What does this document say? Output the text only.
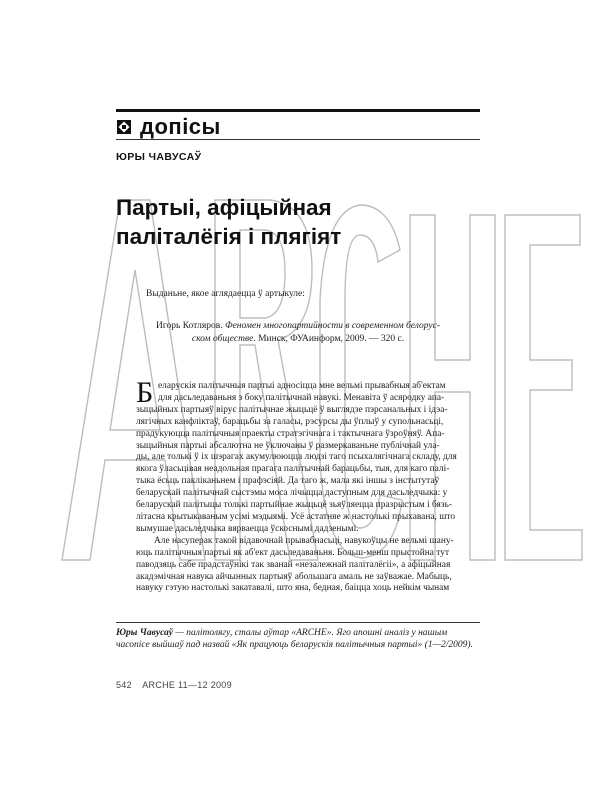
допісы
ЮРЫ ЧАВУСАЎ
Партыі, афіцыйная
паліталёгія і плягіят
Выданьне, якое аглядаецца ў артыкуле:
Игорь Котляров. Феномен многопартийности в современном белорус-
ском обществе. Минск, ФУАинформ, 2009. — 320 с.
Б еларускія палітычныя партыі адносіцца мне вельмі прывабныя аб'ектам
для дасьледаваньня з боку палітычнай навукі. Менавіта ў асяродку апа-
зыцыйных партыяў вірує палітычнае жыцьцё ў выглядзе пэрсанальных і ідэа-
лягічных канфліктаў, барацьбы за галасы, рэсурсы ды ўплыў у супольнасьці,
прадукуюцца палітычныя праекты стратэгічнага і тактычнага ўзроўняў. Апа-
зыцыйныя партыі абсалютна не ўключаны ў размеркаваньне публічнай ула-
ды, але толькі ў іх шэрагах акумулююцца людзі таго псыхалягічнага складу, для
якога ўласьцівая неадольная прагага палітычнай барацьбы, тыя, для каго палі-
тыка ёсьць пакліканьнем і прафэсіяй. Да таго ж, мала які іншы з інстытутаў
беларускай палітычнай сыстэмы моcа лічыцца даступным для дасьледчыка: у
беларускай палітыцы толькі партыйнае жыцьцё зьяўляецца празрыстым і бязь-
літасна крытыкаваным усімі мэдыямі. Усё астатняе ж настолькі прыхавана, што
вымушае дасьледчыка вярваецца ўскоснымі дадзенымі.
Але насуперак такой відавочнай прывабнасьці, навукоўцы не вельмі шану-
юць палітычныя партыі як аб'ект дасьледаваньня. Больш-менш прыстойна тут
паводзяць сабе прадстаўнікі так званай «незалежнай паліталёгіі», а афіцыйная
акадэмічная навука айчынных партыяў абольшага амаль не заўважае. Мабыць,
навуку гэтую настолькі закатавалі, што яна, бедная, баіцца хоць нейкім чынам
Юры Чавусаў — палітолягу, сталы аўтар «ARCHE». Яго апошні аналіз у нашым часопісе выйшаў пад назвай «Як працуюць беларускія палітычныя партыі» (1—2/2009).
542 ARCHE 11—12 2009
